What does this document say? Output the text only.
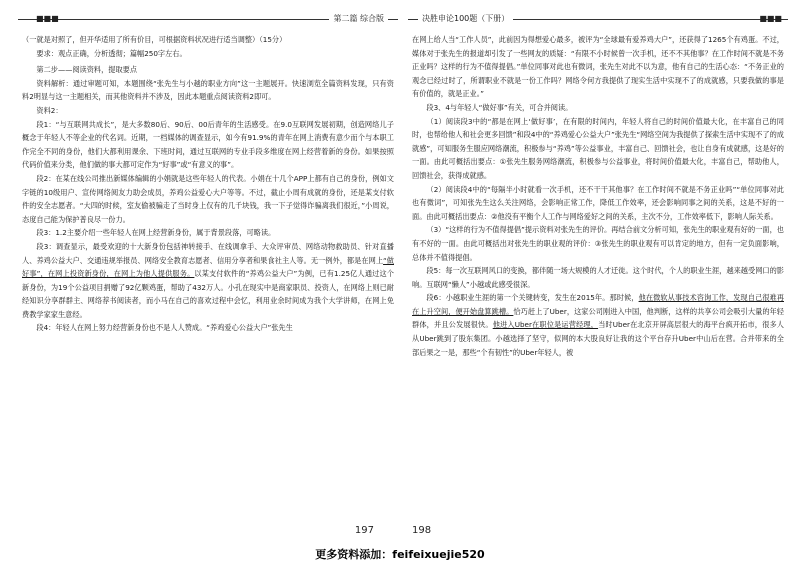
■■■	第二篇 综合版

（一就是对照了，但开华适用了所有价目，可根据资料状况进行适当调整）（15分）

要求：观点正确，分析透彻；篇幅250字左右。

第二步——阅读资料，提取要点

资料解析：通过审题可知，本题围绕“张先生与小越的职业方向”这一主题展开。快速浏览全篇资料发现，只有资料2明显与这一主题相关，而其他资料并不涉及，因此本题重点阅读资料2即可。

资料2：

段1：“与互联网共成长”，是大多数80后、90后、00后青年的生活感受。在9.0互联网发展初期，创造网络儿子概念于年轻人不等企业的代名词。近期，一档媒体的调查显示，如今有91.9%的青年在网上消费有意少而个与本职工作完全不同的身份，他们大都利用课余、下班时间，通过互联网的专业手段多维度在网上经营着新的身份。如果按照代码价值来分类，他们做的事大都可定作为“好事”或“有意义的事”。

段2：在某在线公司推出新媒体编辑的小娟就是这些年轻人的代表。小娟在十几个APP上都有自己的身份，例如文字链的10级用户、宣传网络阅友力助会成员，养鸡公益爱心大户等等。不过，截止小周有成就的身份，还是某支付软件的安全志愿者。“大四的时候，室友偷被骗走了当时身上仅有的几千块钱，我一下子觉得诈骗离我们很近，”小周说，态度自己能为保护普良尽一份力。

段3：1.2主要介绍一些年轻人在网上经营新身份，属于背景段落，可略读。

段3：调查显示，最受欢迎的十大新身份包括神转接手、在线调拿手、大众评审员、网络动物救助员、针对直播人、养鸡公益大户、交通违规举报员、网络安全教育志愿者、信用分享者和果食社主人等。无一例外，都是在网上“做好事”，在网上投资新身份，在网上为他人提供服务。以某支付软件的“养鸡公益大户”为例，已有1.25亿人通过这个新身份，为19个公益项目捐赠了92亿颗鸡蛋，帮助了432万人。小孔在现实中是商家职员、投资人，在网络上则已耐经知识分享群群主、网络荐书阅读者，而小马在自己的喜欢过程中会忆，利用业余时间成为我个大学讲师，在网上免费教学家家生意经。

段4：年轻人在网上努力经营新身份也不是人人赞成。“养鸡爱心公益大户”张先生

197
决胜申论100题（下册）	■■■

在网上给人当“工作人员”，此前因为得想爱心最多，被评为“全球最有爱养鸡大户”，还获得了1265个有鸡蛋。不过，媒体对于张先生的报道却引发了一些网友的质疑：“有限不小时候曾一次手机，还不不其他事？在工作时间不就是不务正业吗？这样的行为不值得提倡。”单位同事对此也有微词，张先生对此不以为意，他有自己的生活心态：“不务正业的观念已经过时了，所谓职业不就是一份工作吗？网络令何方我提供了现实生活中实现不了的成就感，只要我做的事是有价值的，就是正业。”

段3、4与年轻人“做好事”有关，可合并阅读。

（1）阅读段3中的“都是在网上‘做好事’，在有限的时间内，年轻人将自己的时间价值最大化，在丰富自己的同时，也帮给他人和社会更多回馈”和段4中的“养鸡爱心公益大户”张先生“网络空间为我提供了探索生活中实现不了的成就感”，可知服务生服应网络潮流，积极参与“养鸡”等公益事业，丰富自己、回馈社会，也让自身有成就感，这是好的一面。由此可概括出要点：①张先生服务网络潮流，积极参与公益事业，将时间价值最大化，丰富自己，帮助他人，回馈社会，获得成就感。

（2）阅读段4中的“每隔半小时就看一次手机，还不干干其他事？在工作时间不就是不务正业吗”“单位同事对此也有微词”，可知张先生这么关注网络，会影响正常工作，降低工作效率，还会影响同事之间的关系，这是不好的一面。由此可概括出要点：②他没有平衡个人工作与网络爱好之间的关系，主次不分，工作效率低下，影响人际关系。

（3）“这样的行为不值得提倡”提示资料对张先生的评价。再结合前文分析可知，张先生的职业观有好的一面，也有不好的一面。由此可概括出对张先生的职业观的评价：③张先生的职业观有可以肯定的地方，但有一定负面影响，总体并不值得提倡。

段5：每一次互联网风口的变换，都伴随一场大规模的人才迁徙。这个时代，个人的职业生涯，越来越受网口的影响。互联网“懒人”小越或此感受很深。

段6：小越职业生涯的第一个关键转变，发生在2015年。那时候，他在微软从事技术咨询工作，发现自己很难再在上升空间，便开始盘算跳槽。恰巧赶上了Uber，这家公司刚进入中国，他判断，这样的共享公司会吸引大量的年轻群体，并且公发展很快。他进入Uber在职位是运营经理，当时Uber在北京开屏高层很大的海平台疯开拓市，很多人从Uber跳到了股东集团。小越选择了坚守，似网的本大股良好让我的这个平台存升Uber中山后在营。合并带来的全部后果之一是，那些“个有韧性”的Uber年轻人，被

198
更多资料添加：feifeixuejie520
